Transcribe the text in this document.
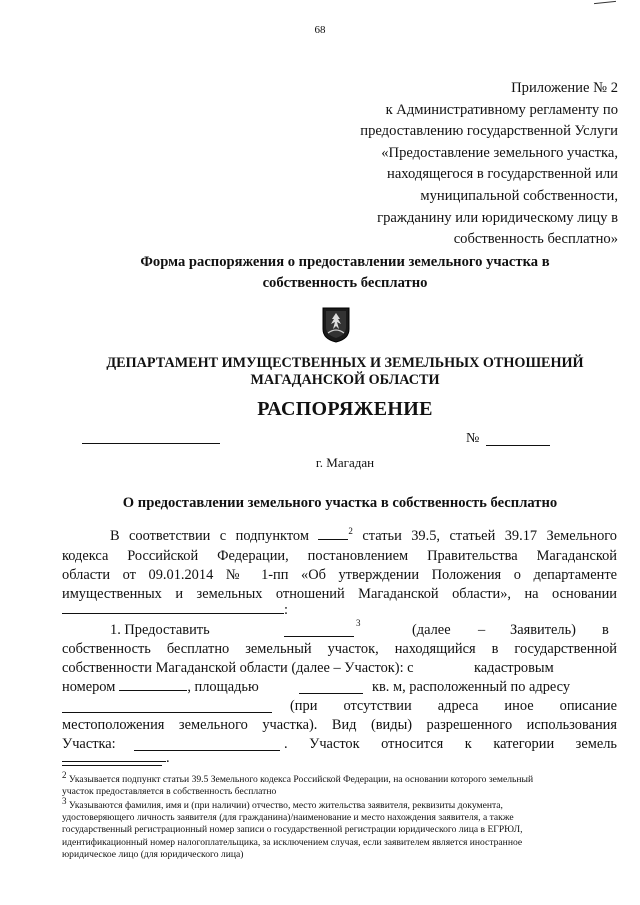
68
Приложение № 2
к Административному регламенту по
предоставлению государственной Услуги
«Предоставление земельного участка,
находящегося в государственной или
муниципальной собственности,
гражданину или юридическому лицу в
собственность бесплатно»
Форма распоряжения о предоставлении земельного участка в
собственность бесплатно
ДЕПАРТАМЕНТ ИМУЩЕСТВЕННЫХ И ЗЕМЕЛЬНЫХ ОТНОШЕНИЙ
МАГАДАНСКОЙ ОБЛАСТИ
РАСПОРЯЖЕНИЕ
№
г. Магадан
О предоставлении земельного участка в собственность бесплатно
В соответствии с подпунктом	$^2$ статьи 39.5, статьей 39.17 Земельного
кодекса Российской Федерации, постановлением Правительства Магаданской
области от 09.01.2014 № 1-пп «Об утверждении Положения о департаменте
имущественных и земельных отношений Магаданской области», на основании
:
1. Предоставить	3	(далее – Заявитель) в
собственность бесплатно земельный участок, находящийся в государственной
собственности Магаданской области (далее – Участок): с	кадастровым
номером	, площадью	кв. м, расположенный по адресу
(при отсутствии адреса иное описание
местоположения земельного участка). Вид (виды) разрешенного использования
Участка:	. Участок относится к категории земель
.
$^2$ Указывается подпункт статьи 39.5 Земельного кодекса Российской Федерации, на основании которого земельный
участок предоставляется в собственность бесплатно
$^3$ Указываются фамилия, имя и (при наличии) отчество, место жительства заявителя, реквизиты документа,
удостоверяющего личность заявителя (для гражданина)/наименование и место нахождения заявителя, а также
государственный регистрационный номер записи о государственной регистрации юридического лица в ЕГРЮЛ,
идентификационный номер налогоплательщика, за исключением случая, если заявителем является иностранное
юридическое лицо (для юридического лица)
